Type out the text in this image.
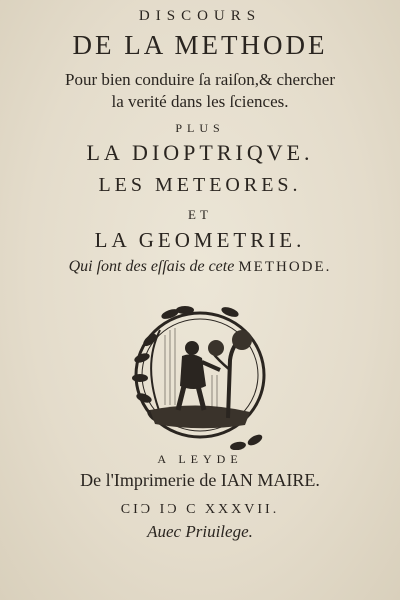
DISCOURS
DE LA METHODE
Pour bien conduire ſa raiſon,& chercher
la verité dans les ſciences.
PLUS
LA DIOPTRIQVE.
LES METEORES.
ET
LA GEOMETRIE.
Qui ſont des eſſais de cete METHODE.
A LEYDE
De l'Imprimerie de IAN MAIRE.
CIƆ IƆ C XXXVII.
Auec Priuilege.
